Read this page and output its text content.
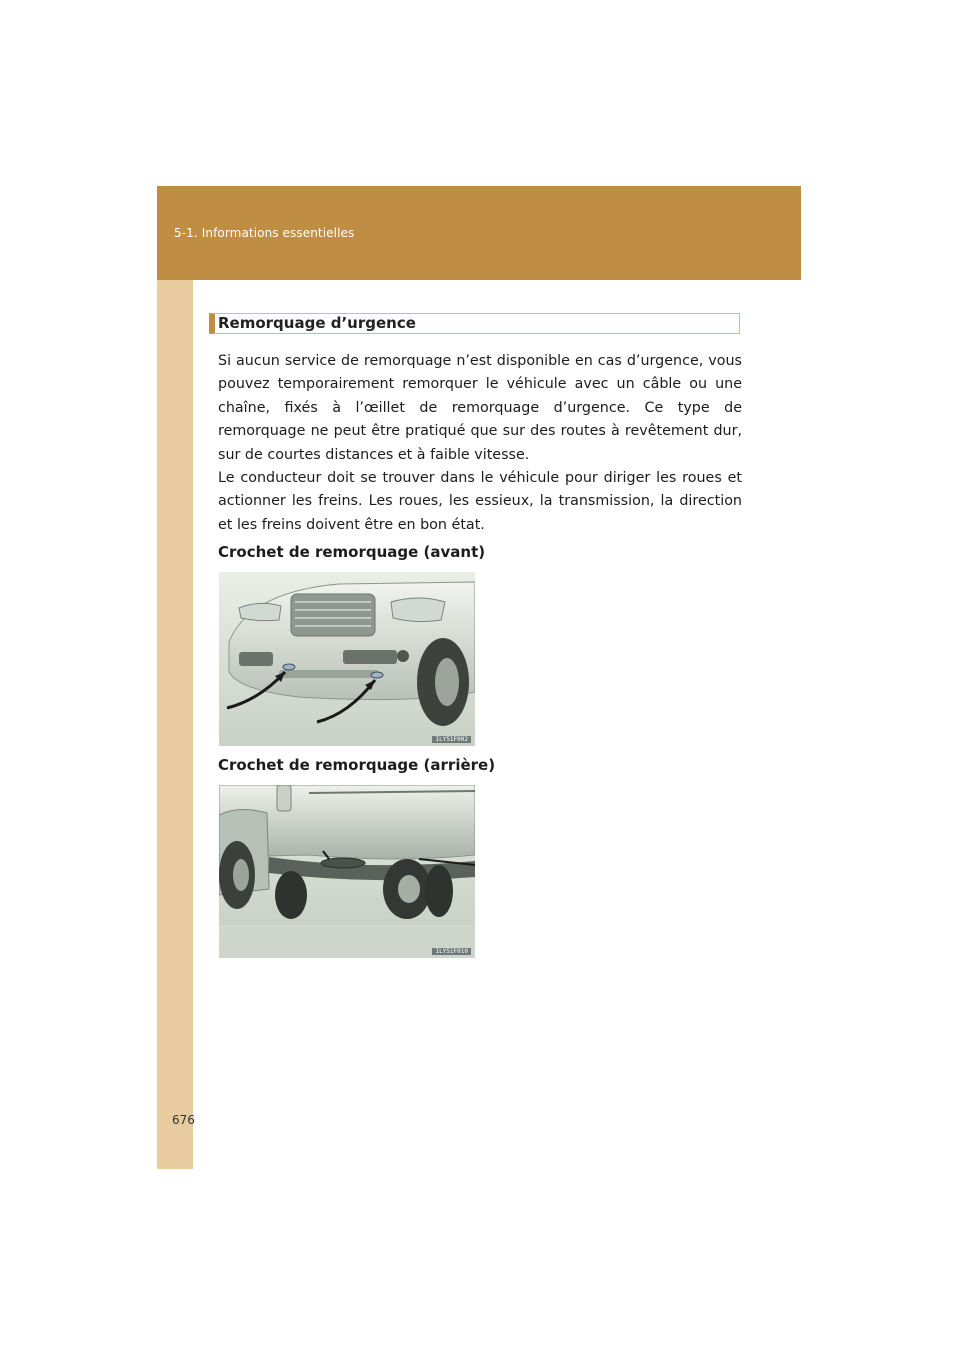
5-1. Informations essentielles
Remorquage d’urgence

Si aucun service de remorquage n’est disponible en cas d’urgence, vous pouvez temporairement remorquer le véhicule avec un câble ou une chaîne, fixés à l’œillet de remorquage d’urgence. Ce type de remorquage ne peut être pratiqué que sur des routes à revêtement dur, sur de courtes distances et à faible vitesse.

Le conducteur doit se trouver dans le véhicule pour diriger les roues et actionner les freins. Les roues, les essieux, la transmission, la direction et les freins doivent être en bon état.

Crochet de remorquage (avant)
ILY51F002
Crochet de remorquage (arrière)
ILY51F010
676
